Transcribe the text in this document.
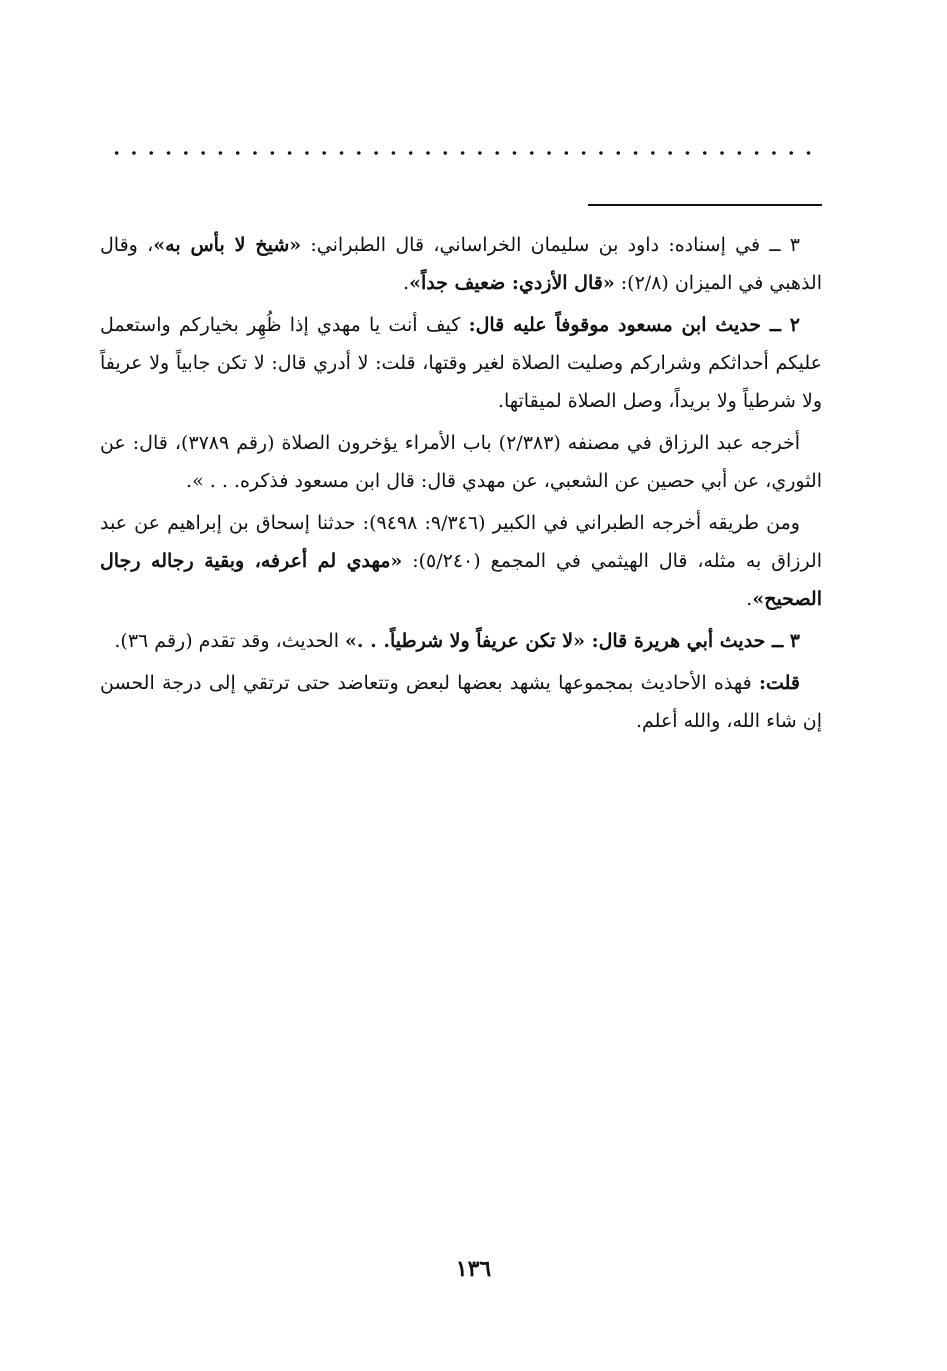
٣ ــ في إسناده: داود بن سليمان الخراساني، قال الطبراني: «شيخ لا بأس به»، وقال الذهبي في الميزان (٢/٨): «قال الأزدي: ضعيف جداً».

٢ ــ حديث ابن مسعود موقوفاً عليه قال: كيف أنت يا مهدي إذا ظُهِر بخياركم واستعمل عليكم أحداثكم وشراركم وصليت الصلاة لغير وقتها، قلت: لا أدري قال: لا تكن جابياً ولا عريفاً ولا شرطياً ولا بريداً، وصل الصلاة لميقاتها.

أخرجه عبد الرزاق في مصنفه (٢/٣٨٣) باب الأمراء يؤخرون الصلاة (رقم ٣٧٨٩)، قال: عن الثوري، عن أبي حصين عن الشعبي، عن مهدي قال: قال ابن مسعود فذكره. . . ».

ومن طريقه أخرجه الطبراني في الكبير (٩/٣٤٦: ٩٤٩٨): حدثنا إسحاق بن إبراهيم عن عبد الرزاق به مثله، قال الهيثمي في المجمع (٥/٢٤٠): «مهدي لم أعرفه، وبقية رجاله رجال الصحيح».

٣ ــ حديث أبي هريرة قال: «لا تكن عريفاً ولا شرطياً. . .» الحديث، وقد تقدم (رقم ٣٦).

قلت: فهذه الأحاديث بمجموعها يشهد بعضها لبعض وتتعاضد حتى ترتقي إلى درجة الحسن إن شاء الله، والله أعلم.

١٣٦
